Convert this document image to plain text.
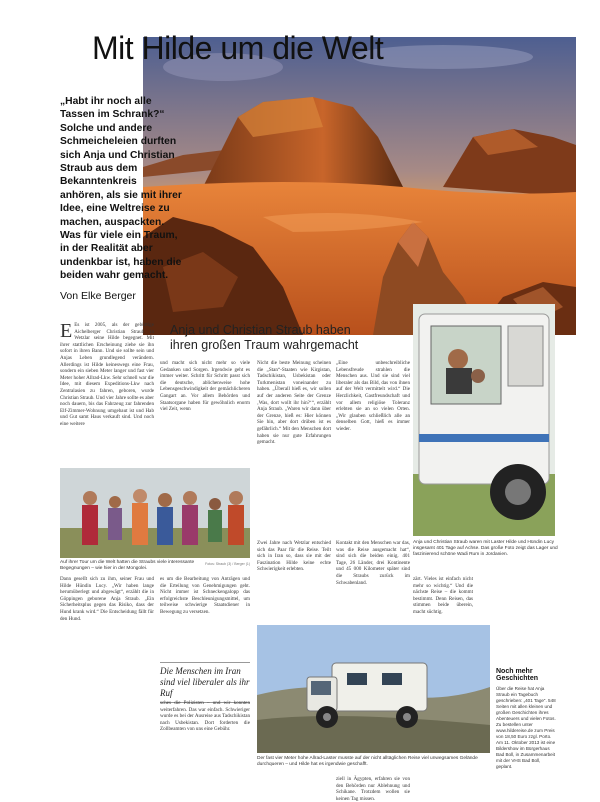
Mit Hilde um die Welt
„Habt ihr noch alle Tassen im Schrank?“ Solche und andere Schmeicheleien durften sich Anja und Christian Straub aus dem Bekanntenkreis anhören, als sie mit ihrer Idee, eine Weltreise zu machen, auspackten. Was für viele ein Traum, in der Realität aber undenkbar ist, haben die beiden wahr gemacht.
Von Elke Berger
Anja und Christian Straub haben ihren großen Traum wahrgemacht
E Es ist 2005, als der gebürtige Aichelberger Christian Straub in Wetzlar seine Hilde begegnet. Mit ihrer stattlichen Erscheinung ziehe sie ihn sofort in ihren Bann. Und sie sollte sein und Anjas Leben grundlegend verändern. Allerdings ist Hilde keineswegs eine Frau, sondern ein sieben Meter langer und fast vier Meter hoher Allrad-Lkw. Sehr schnell war die Idee, mit diesem Expeditions-Lkw nach Zentralasien zu fahren, geboren, wurde Christian Straub. Und vier Jahre sollte es aber noch dauern, bis das Fahrzeug zur fahrenden Elf-Zimmer-Wohnung umgebaut ist und Hab und Gut samt Haus verkauft sind. Und noch eine weitere
und macht sich nicht mehr so viele Gedanken und Sorgen. Irgendwie geht es immer weiter. Schritt für Schritt passt sich die deutsche, ablichenweise hohe Lebensgeschwindigkeit der gemächlicheren Gangart an. Vor allem Behörden und Staatsorgane haben für gewöhnlich enorm viel Zeit, wenn
Nicht die beste Meinung scheinen die „Stan“-Staaten wie Kirgistan, Tadschikistan, Usbekistan oder Turkmenistan voneinander zu haben. „Überall hieß es, wir sollen auf der anderen Seite der Grenze ‚Was, dort wollt ihr hin?‘“, erzählt Anja Straub. „Waren wir dann über der Grenze, hieß es: Hier können Sie hin, aber dort drüben ist es gefährlich.“ Mit den Menschen dort haben sie nur gute Erfahrungen gemacht.
„Eine unbeschreibliche Lebensfreude strahlen die Menschen aus. Und sie sind viel liberaler als das Bild, das von ihnen auf der Welt vermittelt wird.“ Die Herzlichkeit, Gastfreundschaft und vor allem religiöse Toleranz erlebten sie an so vielen Orten. „Wir glauben schließlich alle an denselben Gott, hieß es immer wieder.
Auf ihrer Tour um die Welt hatten die Straubs viele interessante Begegnungen – wie hier in der Mongolei.
Fotos: Straub (3) / Berger (1)
Anja und Christian Straub waren mit Laster Hilde und Hündin Lucy insgesamt 401 Tage auf Achse. Das große Foto zeigt das Lager und faszinierend schöne Wadi Rum in Jordanien.
Dann geselIt sich zu ihm, seiner Frau und Hilde Hündin Lucy. „Wir haben lange herumüberlegt und abgewägt“, erzählt die in Göppingen geborene Anja Straub. „Ein Sicherheitsplus gegen das Risiko, dass der Hund krank wird.“ Die Entscheidung fällt für den Hund.
es um die Bearbeitung von Anträgen und die Erteilung von Genehmigungen geht. Nicht immer ist Schneckengalopp das erfolgreichste Beschleunigungsmittel, um teilweise schwierige Staatsdiener in Bewegung zu versetzen.
Die Menschen im Iran sind viel liberaler als ihr Ruf
sches die Polizisten – und wir konnten weiterfahren. Das war einfach. Schwieriger wurde es bei der Ausreise aus Tadschikistan nach Usbekistan. Dort forderten die Zollbeamten von uns eine Gebühr.
Zwei Jahre nach Wetzlar entschied sich das Paar für die Reise. Teilt sich in Iran so, dass sie mit der Faszination Hilde keine echte Schwierigkeit erlebten.
Kontakt mit den Menschen war das, was die Reise ausgemacht hat“, sind sich die beiden einig. 401 Tage, 26 Länder, drei Kontinente und 45 000 Kilometer später sind die Straubs zurück im Schwabenland.
zärt. Vieles ist einfach nicht mehr so wichtig.“ Und die nächste Reise – die kommt bestimmt. Denn Reisen, das stimmen beide überein, macht süchtig.
Der fast vier Meter hohe Allrad-Laster musste auf der nicht alltäglichen Reise viel unwegsames Gelände durchqueren – und Hilde hat es irgendwie geschafft.
ziell in Ägypten, erfahren sie von den Behörden nur Ablehnung und Schikane. Trotzdem wollen sie keinen Tag missen.
Noch mehr Geschichten
Über die Reise hat Anja Straub ein Tagebuch geschrieben: „401 Tage“. 548 Seiten mit allen kleinen und großen Geschichten ihres Abenteuers und vielen Fotos. Zu bestellen unter www.hildereise.de zum Preis von 18,50 Euro zzgl. Porto. Am 11. Oktober 2013 ist eine Bildershow im Bürgerhaus Bad Boll, in Zusammenarbeit mit der VHS Bad Boll, geplant.
